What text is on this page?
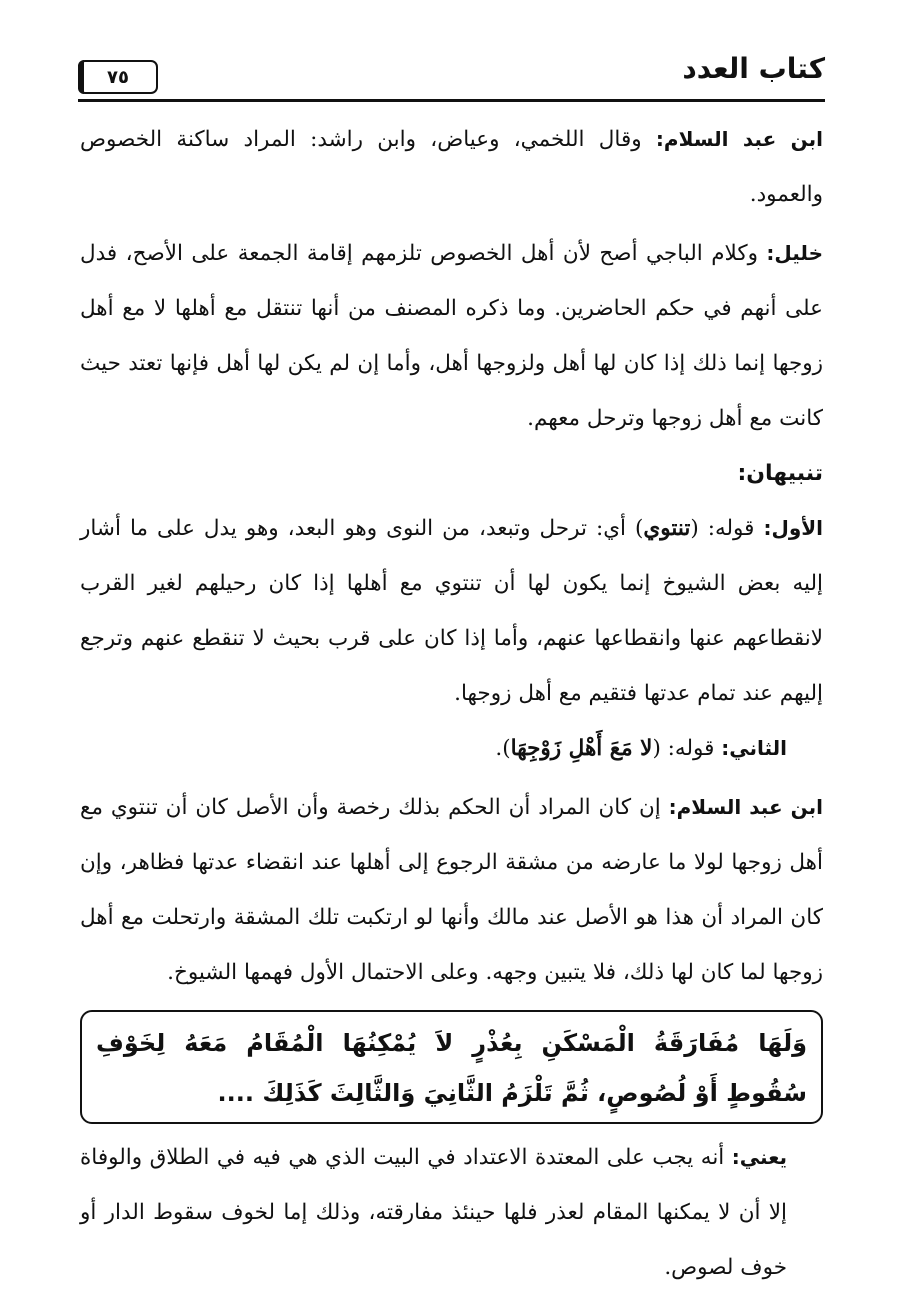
كتاب العدد
٧٥

ابن عبد السلام: وقال اللخمي، وعياض، وابن راشد: المراد ساكنة الخصوص والعمود.

خليل: وكلام الباجي أصح لأن أهل الخصوص تلزمهم إقامة الجمعة على الأصح، فدل على أنهم في حكم الحاضرين. وما ذكره المصنف من أنها تنتقل مع أهلها لا مع أهل زوجها إنما ذلك إذا كان لها أهل ولزوجها أهل، وأما إن لم يكن لها أهل فإنها تعتد حيث كانت مع أهل زوجها وترحل معهم.

تنبيهان:

الأول: قوله: (تنتوي) أي: ترحل وتبعد، من النوى وهو البعد، وهو يدل على ما أشار إليه بعض الشيوخ إنما يكون لها أن تنتوي مع أهلها إذا كان رحيلهم لغير القرب لانقطاعهم عنها وانقطاعها عنهم، وأما إذا كان على قرب بحيث لا تنقطع عنهم وترجع إليهم عند تمام عدتها فتقيم مع أهل زوجها.

الثاني: قوله: (لا مَعَ أَهْلِ زَوْجِهَا).

ابن عبد السلام: إن كان المراد أن الحكم بذلك رخصة وأن الأصل كان أن تنتوي مع أهل زوجها لولا ما عارضه من مشقة الرجوع إلى أهلها عند انقضاء عدتها فظاهر، وإن كان المراد أن هذا هو الأصل عند مالك وأنها لو ارتكبت تلك المشقة وارتحلت مع أهل زوجها لما كان لها ذلك، فلا يتبين وجهه. وعلى الاحتمال الأول فهمها الشيوخ.

وَلَهَا مُفَارَقَةُ الْمَسْكَنِ بِعُذْرٍ لاَ يُمْكِنُهَا الْمُقَامُ مَعَهُ لِخَوْفِ سُقُوطٍ أَوْ لُصُوصٍ، ثُمَّ تَلْزَمُ الثَّانِيَ وَالثَّالِثَ كَذَلِكَ ....

يعني: أنه يجب على المعتدة الاعتداد في البيت الذي هي فيه في الطلاق والوفاة إلا أن لا يمكنها المقام لعذر فلها حينئذ مفارقته، وذلك إما لخوف سقوط الدار أو خوف لصوص.
